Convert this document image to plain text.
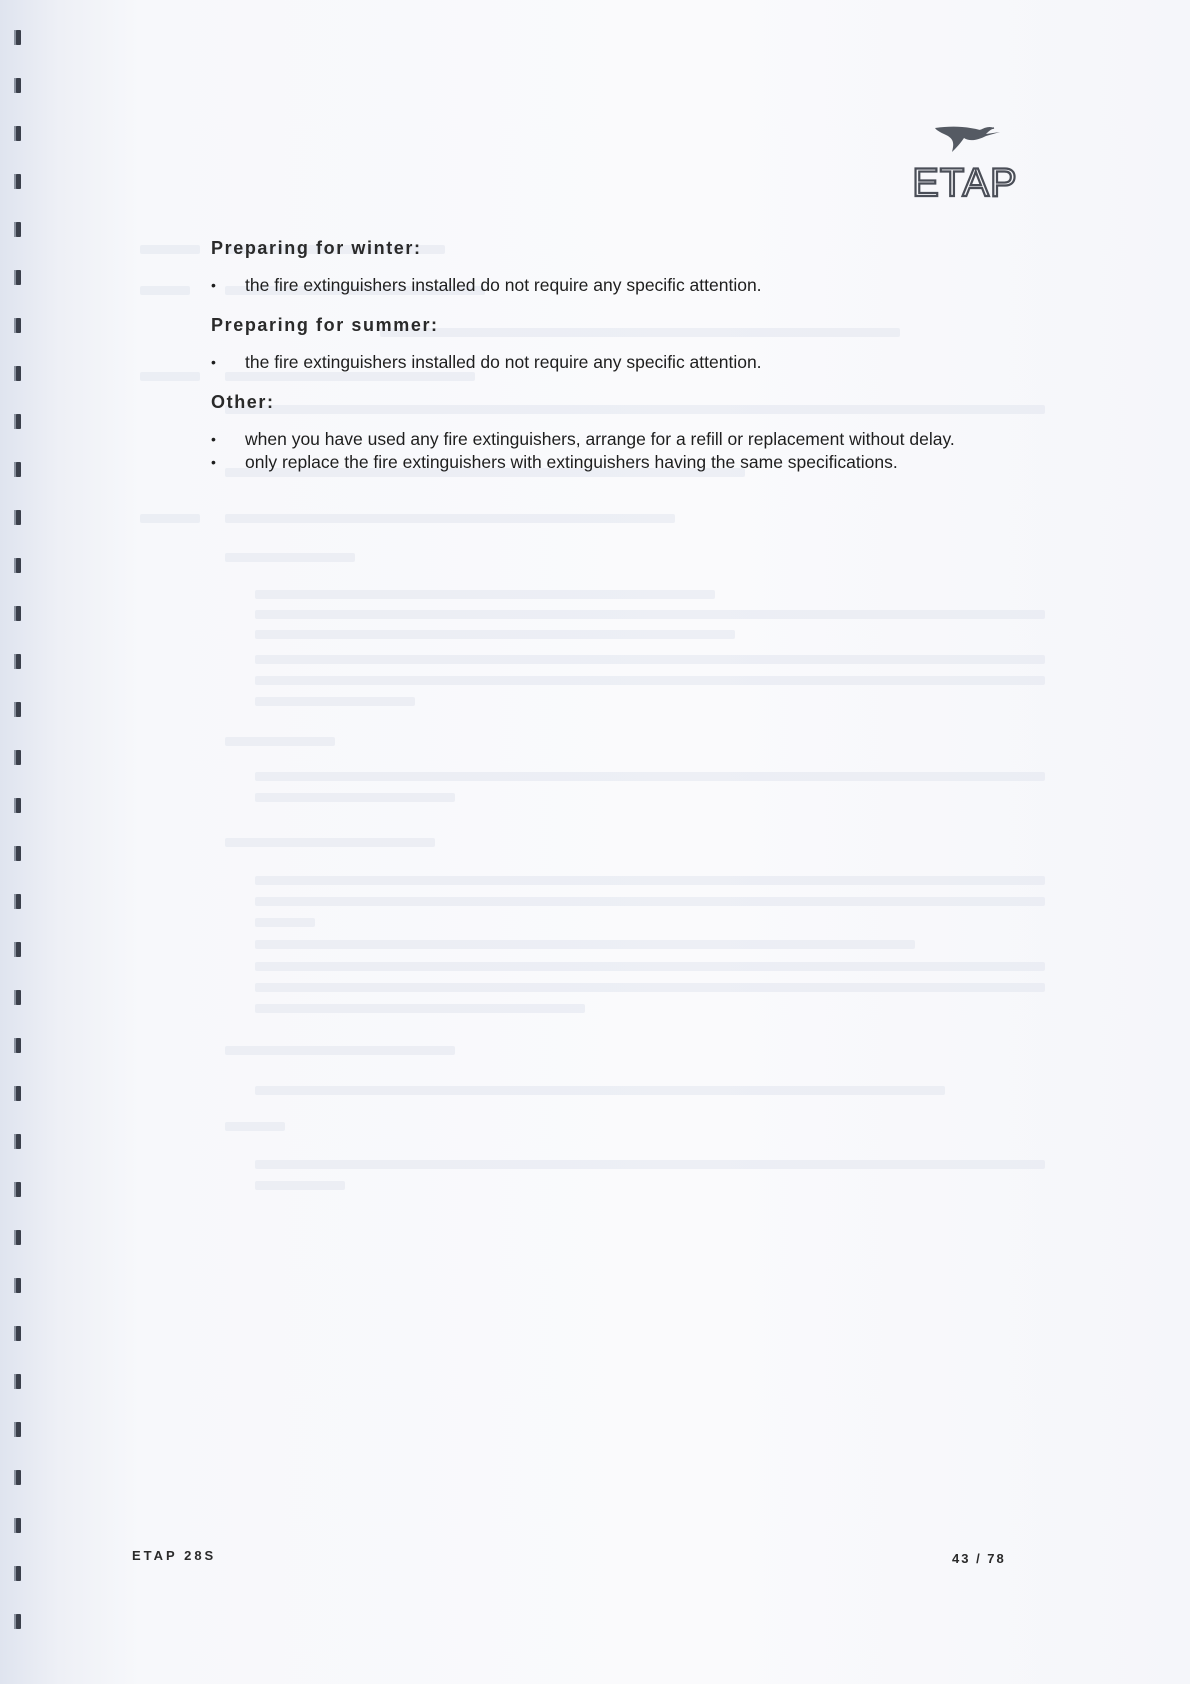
ETAP
Preparing for winter:
• the fire extinguishers installed do not require any specific attention.
Preparing for summer:
• the fire extinguishers installed do not require any specific attention.
Other:
• when you have used any fire extinguishers, arrange for a refill or replacement without delay.
• only replace the fire extinguishers with extinguishers having the same specifications.
ETAP 28S	43 / 78
